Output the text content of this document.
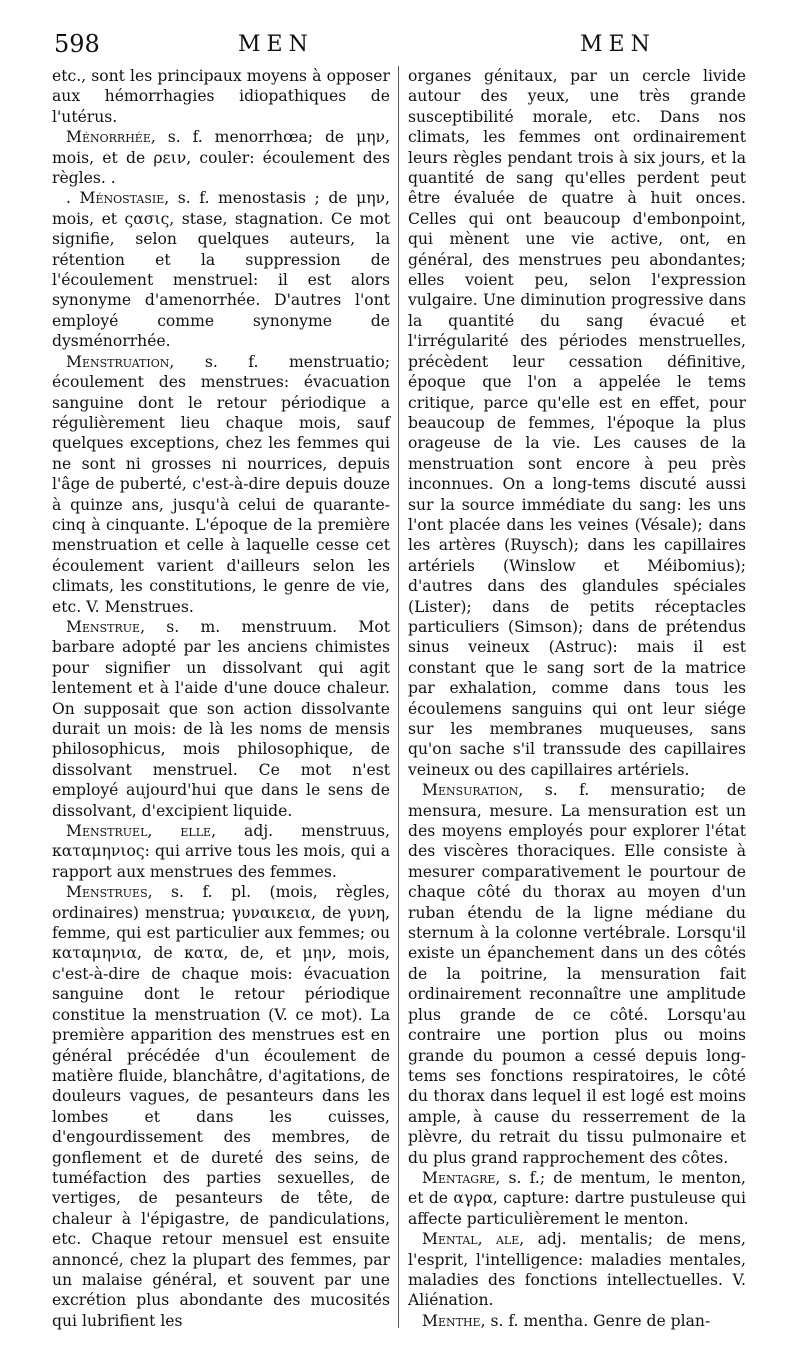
598	MEN	MEN

etc., sont les principaux moyens à opposer aux hémorrhagies idiopathiques de l'utérus.

Ménorrhée, s. f. menorrhœa; de μην, mois, et de ρειν, couler: écoulement des règles. .

. Ménostasie, s. f. menostasis ; de μην, mois, et ςασις, stase, stagnation. Ce mot signifie, selon quelques auteurs, la rétention et la suppression de l'écoulement menstruel: il est alors synonyme d'amenorrhée. D'autres l'ont employé comme synonyme de dysménorrhée.

Menstruation, s. f. menstruatio; écoulement des menstrues: évacuation sanguine dont le retour périodique a régulièrement lieu chaque mois, sauf quelques exceptions, chez les femmes qui ne sont ni grosses ni nourrices, depuis l'âge de puberté, c'est-à-dire depuis douze à quinze ans, jusqu'à celui de quarante-cinq à cinquante. L'époque de la première menstruation et celle à laquelle cesse cet écoulement varient d'ailleurs selon les climats, les constitutions, le genre de vie, etc. V. Menstrues.

Menstrue, s. m. menstruum. Mot barbare adopté par les anciens chimistes pour signifier un dissolvant qui agit lentement et à l'aide d'une douce chaleur. On supposait que son action dissolvante durait un mois: de là les noms de mensis philosophicus, mois philosophique, de dissolvant menstruel. Ce mot n'est employé aujourd'hui que dans le sens de dissolvant, d'excipient liquide.

Menstruel, elle, adj. menstruus, καταμηνιος: qui arrive tous les mois, qui a rapport aux menstrues des femmes.

Menstrues, s. f. pl. (mois, règles, ordinaires) menstrua; γυναικεια, de γυνη, femme, qui est particulier aux femmes; ou καταμηνια, de κατα, de, et μην, mois, c'est-à-dire de chaque mois: évacuation sanguine dont le retour périodique constitue la menstruation (V. ce mot). La première apparition des menstrues est en général précédée d'un écoulement de matière fluide, blanchâtre, d'agitations, de douleurs vagues, de pesanteurs dans les lombes et dans les cuisses, d'engourdissement des membres, de gonflement et de dureté des seins, de tuméfaction des parties sexuelles, de vertiges, de pesanteurs de tête, de chaleur à l'épigastre, de pandiculations, etc. Chaque retour mensuel est ensuite annoncé, chez la plupart des femmes, par un malaise général, et souvent par une excrétion plus abondante des mucosités qui lubrifient les

organes génitaux, par un cercle livide autour des yeux, une très grande susceptibilité morale, etc. Dans nos climats, les femmes ont ordinairement leurs règles pendant trois à six jours, et la quantité de sang qu'elles perdent peut être évaluée de quatre à huit onces. Celles qui ont beaucoup d'embonpoint, qui mènent une vie active, ont, en général, des menstrues peu abondantes; elles voient peu, selon l'expression vulgaire. Une diminution progressive dans la quantité du sang évacué et l'irrégularité des périodes menstruelles, précèdent leur cessation définitive, époque que l'on a appelée le tems critique, parce qu'elle est en effet, pour beaucoup de femmes, l'époque la plus orageuse de la vie. Les causes de la menstruation sont encore à peu près inconnues. On a long-tems discuté aussi sur la source immédiate du sang: les uns l'ont placée dans les veines (Vésale); dans les artères (Ruysch); dans les capillaires artériels (Winslow et Méibomius); d'autres dans des glandules spéciales (Lister); dans de petits réceptacles particuliers (Simson); dans de prétendus sinus veineux (Astruc): mais il est constant que le sang sort de la matrice par exhalation, comme dans tous les écoulemens sanguins qui ont leur siége sur les membranes muqueuses, sans qu'on sache s'il transsude des capillaires veineux ou des capillaires artériels.

Mensuration, s. f. mensuratio; de mensura, mesure. La mensuration est un des moyens employés pour explorer l'état des viscères thoraciques. Elle consiste à mesurer comparativement le pourtour de chaque côté du thorax au moyen d'un ruban étendu de la ligne médiane du sternum à la colonne vertébrale. Lorsqu'il existe un épanchement dans un des côtés de la poitrine, la mensuration fait ordinairement reconnaître une amplitude plus grande de ce côté. Lorsqu'au contraire une portion plus ou moins grande du poumon a cessé depuis long-tems ses fonctions respiratoires, le côté du thorax dans lequel il est logé est moins ample, à cause du resserrement de la plèvre, du retrait du tissu pulmonaire et du plus grand rapprochement des côtes.

Mentagre, s. f.; de mentum, le menton, et de αγρα, capture: dartre pustuleuse qui affecte particulièrement le menton.

Mental, ale, adj. mentalis; de mens, l'esprit, l'intelligence: maladies mentales, maladies des fonctions intellectuelles. V. Aliénation.

Menthe, s. f. mentha. Genre de plan-
